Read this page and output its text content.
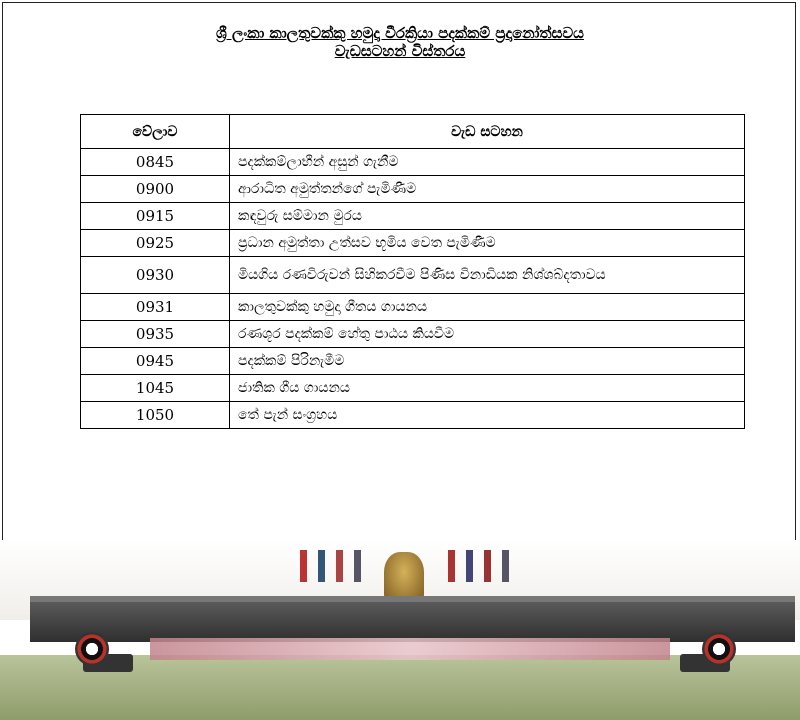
ශ්‍රී ලංකා කාලතුවක්කු හමුදා වීරක්‍රියා පදක්කම් ප්‍රදානෝත්සවය
වැඩසටහන් විස්තරය
වේලාව	වැඩ සටහන
0845	පදක්කම්ලාභීන් අසුන් ගැනීම
0900	ආරාධිත අමුත්තන්ගේ පැමිණීම
0915	කඳවුරු සම්මාන මුරය
0925	ප්‍රධාන අමුත්තා උත්සව භූමිය වෙත පැමිණීම
0930	මියගිය රණවිරුවන් සිහිකරවීම පිණිස විනාඩියක නිශ්ශබ්දතාවය
0931	කාලතුවක්කු හමුදා ගීතය ගායනය
0935	රණශූර පදක්කම් හේතු පාඨය කියවීම
0945	පදක්කම් පිරිනැමීම
1045	ජාතික ගීය ගායනය
1050	තේ පැන් සංග්‍රහය
